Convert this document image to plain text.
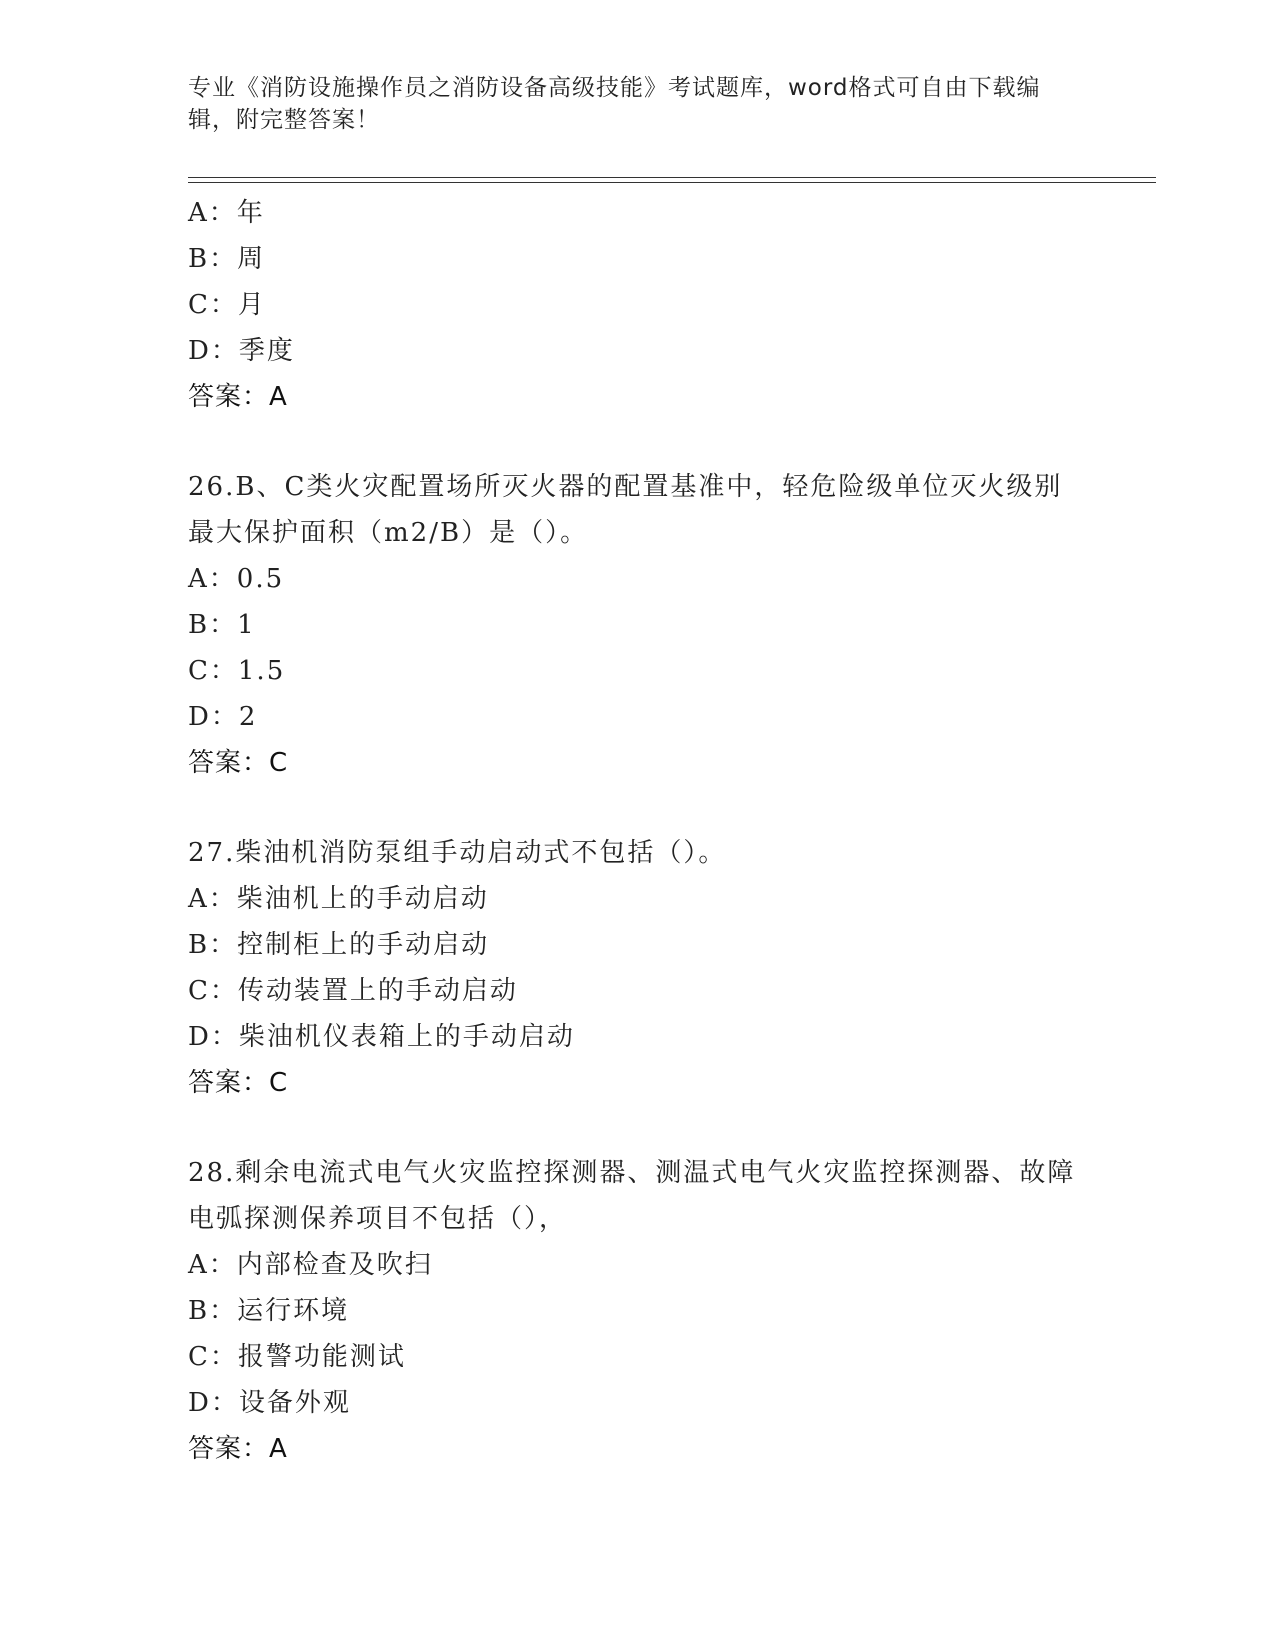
专业《消防设施操作员之消防设备高级技能》考试题库，word格式可自由下载编辑，附完整答案！
A：年
B：周
C：月
D：季度
答案：A
26.B、C类火灾配置场所灭火器的配置基准中，轻危险级单位灭火级别最大保护面积（m2/B）是（）。
A：0.5
B：1
C：1.5
D：2
答案：C
27.柴油机消防泵组手动启动式不包括（）。
A：柴油机上的手动启动
B：控制柜上的手动启动
C：传动装置上的手动启动
D：柴油机仪表箱上的手动启动
答案：C
28.剩余电流式电气火灾监控探测器、测温式电气火灾监控探测器、故障电弧探测保养项目不包括（），
A：内部检查及吹扫
B：运行环境
C：报警功能测试
D：设备外观
答案：A
